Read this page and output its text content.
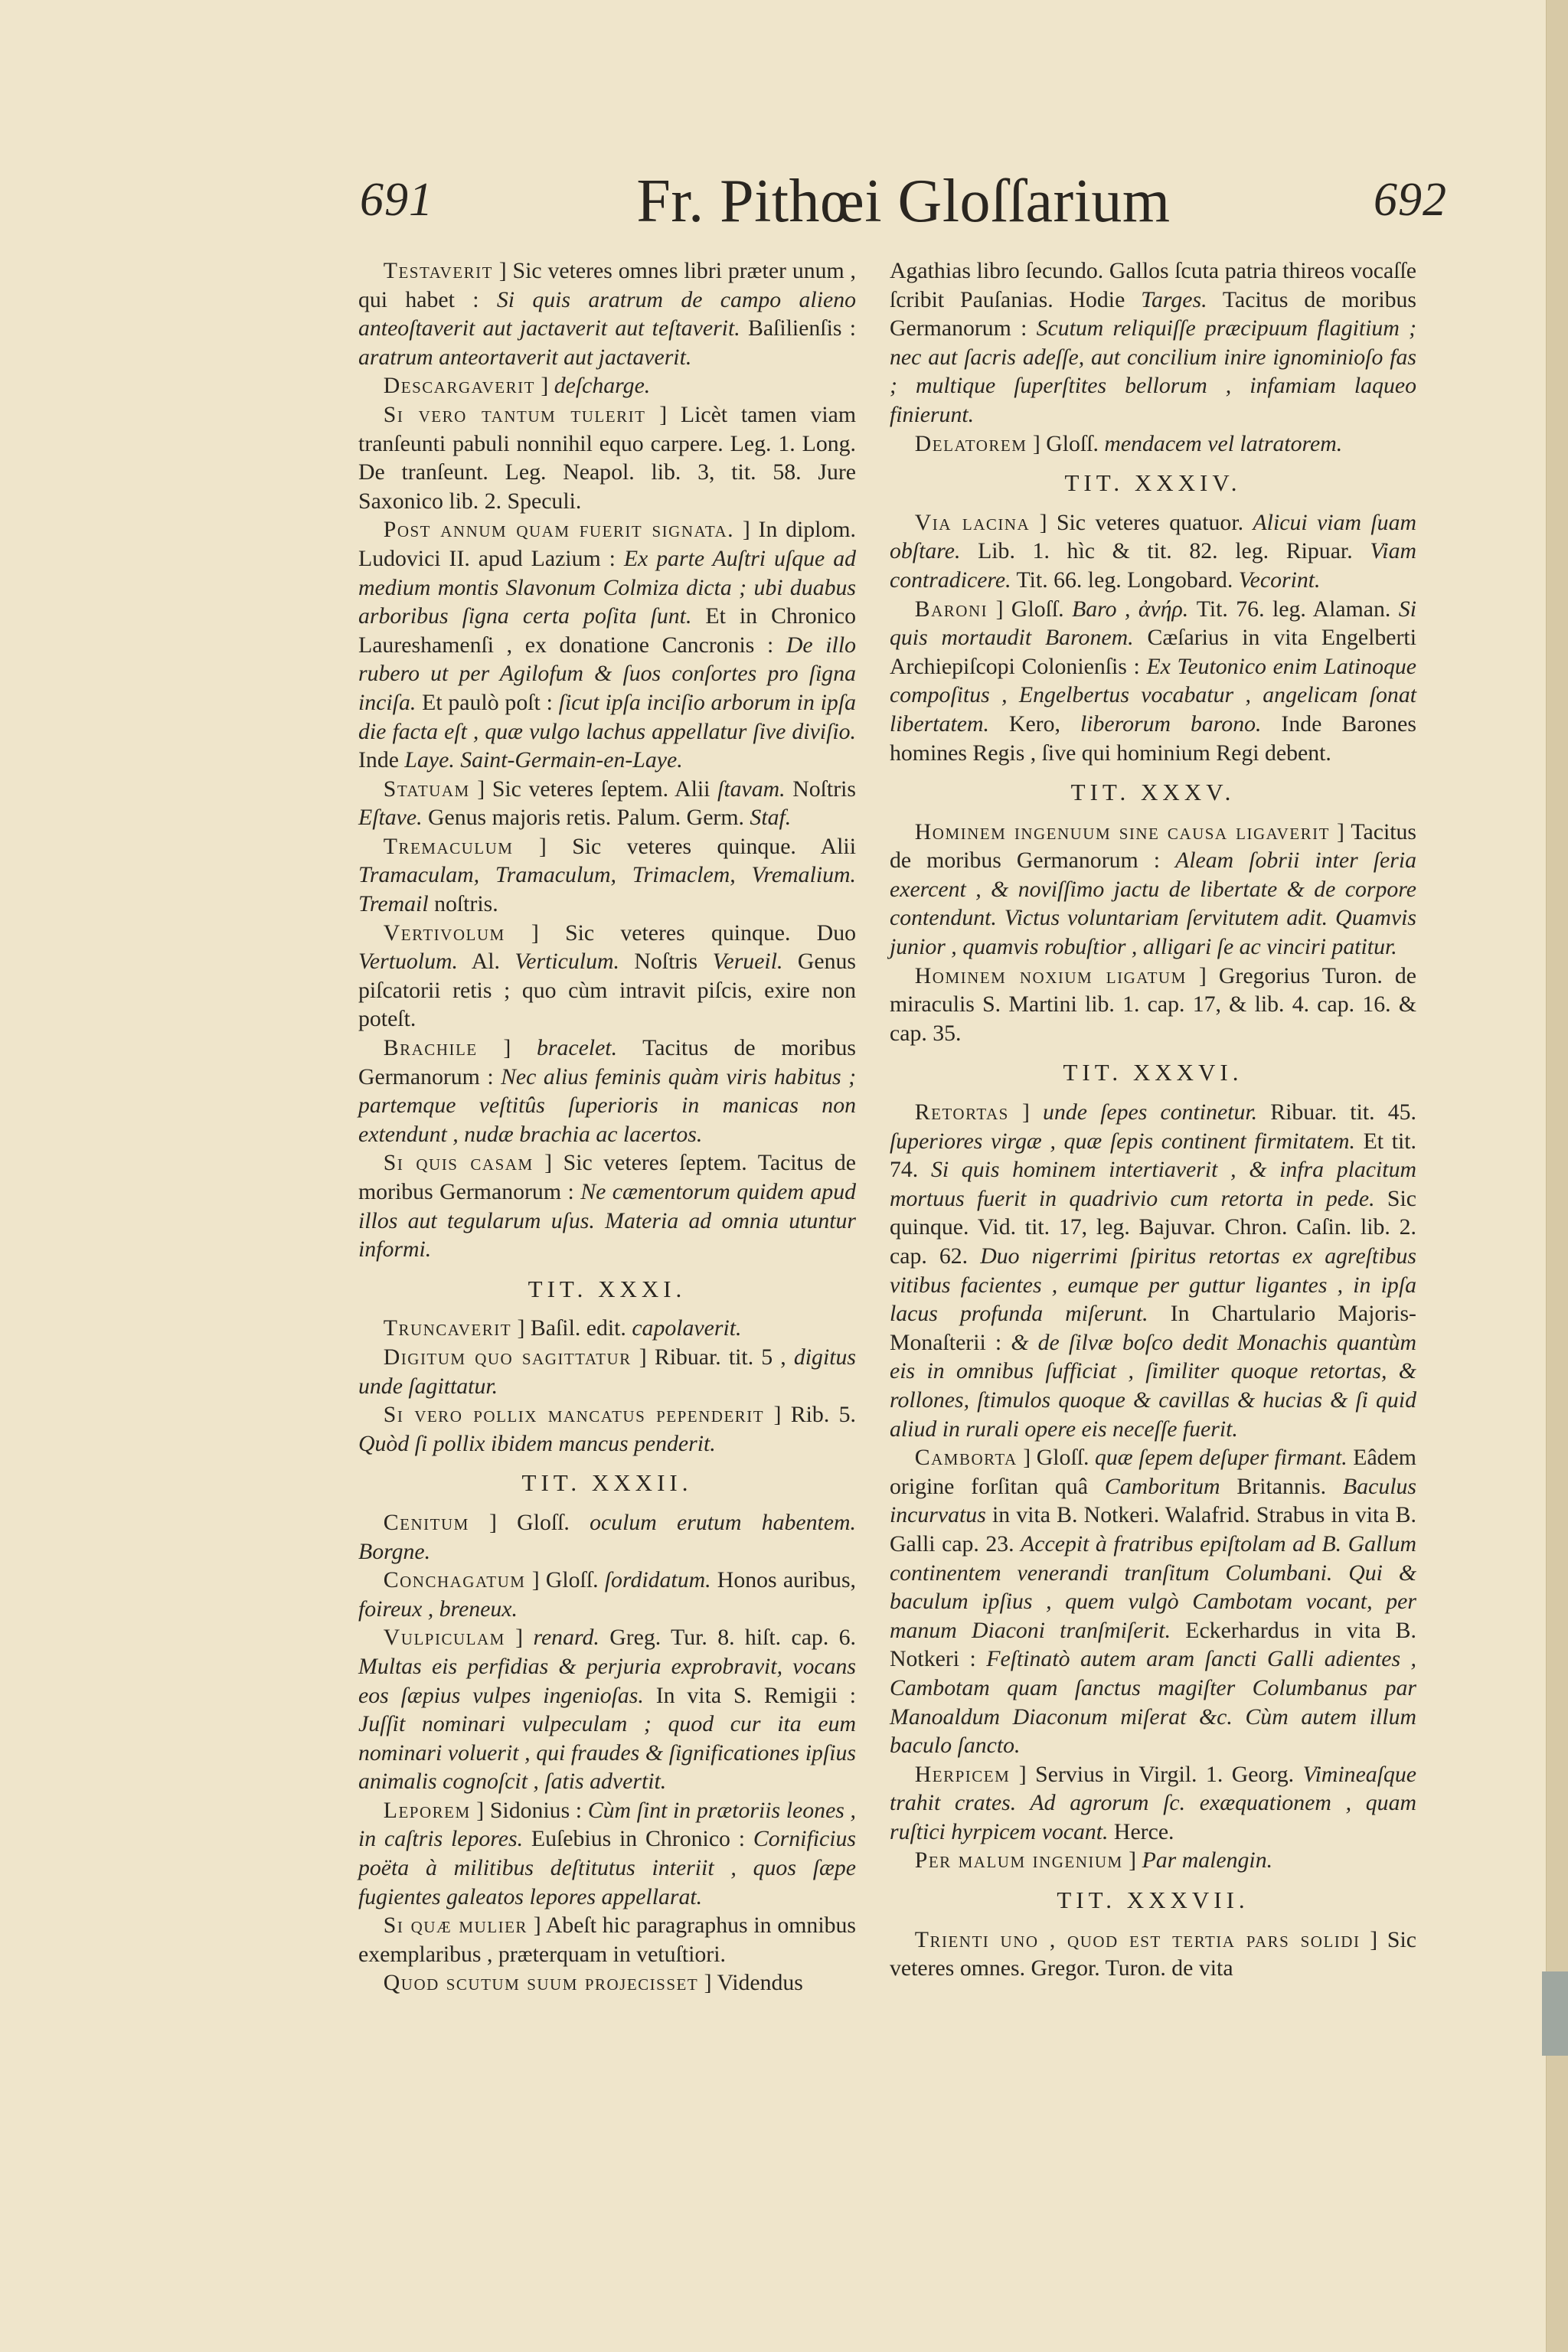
691	Fr. Pithœi Gloſſarium	692

Testaverit ] Sic veteres omnes libri præter unum , qui habet : Si quis aratrum de campo alieno anteoſtaverit aut jactaverit aut teſtaverit. Baſilienſis : aratrum anteortaverit aut jactaverit.

Descargaverit ] deſcharge.

Si vero tantum tulerit ] Licèt tamen viam tranſeunti pabuli nonnihil equo carpere. Leg. 1. Long. De tranſeunt. Leg. Neapol. lib. 3, tit. 58. Jure Saxonico lib. 2. Speculi.

Post annum quam fuerit signata. ] In diplom. Ludovici II. apud Lazium : Ex parte Auſtri uſque ad medium montis Slavonum Colmiza dicta ; ubi duabus arboribus ſigna certa poſita ſunt. Et in Chronico Laureshamenſi , ex donatione Cancronis : De illo rubero ut per Agilofum & ſuos conſortes pro ſigna inciſa. Et paulò poſt : ſicut ipſa inciſio arborum in ipſa die facta eſt , quæ vulgo lachus appellatur ſive diviſio. Inde Laye. Saint-Germain-en-Laye.

Statuam ] Sic veteres ſeptem. Alii ſtavam. Noſtris Eſtave. Genus majoris retis. Palum. Germ. Staf.

Tremaculum ] Sic veteres quinque. Alii Tramaculam, Tramaculum, Trimaclem, Vremalium. Tremail noſtris.

Vertivolum ] Sic veteres quinque. Duo Vertuolum. Al. Verticulum. Noſtris Verueil. Genus piſcatorii retis ; quo cùm intravit piſcis, exire non poteſt.

Brachile ] bracelet. Tacitus de moribus Germanorum : Nec alius feminis quàm viris habitus ; partemque veſtitûs ſuperioris in manicas non extendunt , nudæ brachia ac lacertos.

Si quis casam ] Sic veteres ſeptem. Tacitus de moribus Germanorum : Ne cæmentorum quidem apud illos aut tegularum uſus. Materia ad omnia utuntur informi.

TIT. XXXI.

Truncaverit ] Baſil. edit. capolaverit.

Digitum quo sagittatur ] Ribuar. tit. 5 , digitus unde ſagittatur.

Si vero pollix mancatus pependerit ] Rib. 5. Quòd ſi pollix ibidem mancus penderit.

TIT. XXXII.

Cenitum ] Gloſſ. oculum erutum habentem. Borgne.

Conchagatum ] Gloſſ. ſordidatum. Honos auribus, foireux , breneux.

Vulpiculam ] renard. Greg. Tur. 8. hiſt. cap. 6. Multas eis perfidias & perjuria exprobravit, vocans eos ſæpius vulpes ingenioſas. In vita S. Remigii : Juſſit nominari vulpeculam ; quod cur ita eum nominari voluerit , qui fraudes & ſignificationes ipſius animalis cognoſcit , ſatis advertit.

Leporem ] Sidonius : Cùm ſint in prætoriis leones , in caſtris lepores. Euſebius in Chronico : Cornificius poëta à militibus deſtitutus interiit , quos ſæpe fugientes galeatos lepores appellarat.

Si quæ mulier ] Abeſt hic paragraphus in omnibus exemplaribus , præterquam in vetuſtiori.

Quod scutum suum projecisset ] Videndus

Agathias libro ſecundo. Gallos ſcuta patria thireos vocaſſe ſcribit Pauſanias. Hodie Targes. Tacitus de moribus Germanorum : Scutum reliquiſſe præcipuum flagitium ; nec aut ſacris adeſſe, aut concilium inire ignominioſo fas ; multique ſuperſtites bellorum , infamiam laqueo finierunt.

Delatorem ] Gloſſ. mendacem vel latratorem.

TIT. XXXIV.

Via lacina ] Sic veteres quatuor. Alicui viam ſuam obſtare. Lib. 1. hìc & tit. 82. leg. Ripuar. Viam contradicere. Tit. 66. leg. Longobard. Vecorint.

Baroni ] Gloſſ. Baro , ἀνήρ. Tit. 76. leg. Alaman. Si quis mortaudit Baronem. Cæſarius in vita Engelberti Archiepiſcopi Colonienſis : Ex Teutonico enim Latinoque compoſitus , Engelbertus vocabatur , angelicam ſonat libertatem. Kero, liberorum barono. Inde Barones homines Regis , ſive qui hominium Regi debent.

TIT. XXXV.

Hominem ingenuum sine causa ligaverit ] Tacitus de moribus Germanorum : Aleam ſobrii inter ſeria exercent , & noviſſimo jactu de libertate & de corpore contendunt. Victus voluntariam ſervitutem adit. Quamvis junior , quamvis robuſtior , alligari ſe ac vinciri patitur.

Hominem noxium ligatum ] Gregorius Turon. de miraculis S. Martini lib. 1. cap. 17, & lib. 4. cap. 16. & cap. 35.

TIT. XXXVI.

Retortas ] unde ſepes continetur. Ribuar. tit. 45. ſuperiores virgæ , quæ ſepis continent firmitatem. Et tit. 74. Si quis hominem intertiaverit , & infra placitum mortuus fuerit in quadrivio cum retorta in pede. Sic quinque. Vid. tit. 17, leg. Bajuvar. Chron. Caſin. lib. 2. cap. 62. Duo nigerrimi ſpiritus retortas ex agreſtibus vitibus facientes , eumque per guttur ligantes , in ipſa lacus profunda miſerunt. In Chartulario Majoris-Monaſterii : & de ſilvæ boſco dedit Monachis quantùm eis in omnibus ſufficiat , ſimiliter quoque retortas, & rollones, ſtimulos quoque & cavillas & hucias & ſi quid aliud in rurali opere eis neceſſe fuerit.

Camborta ] Gloſſ. quæ ſepem deſuper firmant. Eâdem origine forſitan quâ Camboritum Britannis. Baculus incurvatus in vita B. Notkeri. Walafrid. Strabus in vita B. Galli cap. 23. Accepit à fratribus epiſtolam ad B. Gallum continentem venerandi tranſitum Columbani. Qui & baculum ipſius , quem vulgò Cambotam vocant, per manum Diaconi tranſmiſerit. Eckerhardus in vita B. Notkeri : Feſtinatò autem aram ſancti Galli adientes , Cambotam quam ſanctus magiſter Columbanus par Manoaldum Diaconum miſerat &c. Cùm autem illum baculo ſancto.

Herpicem ] Servius in Virgil. 1. Georg. Vimineaſque trahit crates. Ad agrorum ſc. exæquationem , quam ruſtici hyrpicem vocant. Herce.

Per malum ingenium ] Par malengin.

TIT. XXXVII.

Trienti uno , quod est tertia pars solidi ] Sic veteres omnes. Gregor. Turon. de vita
